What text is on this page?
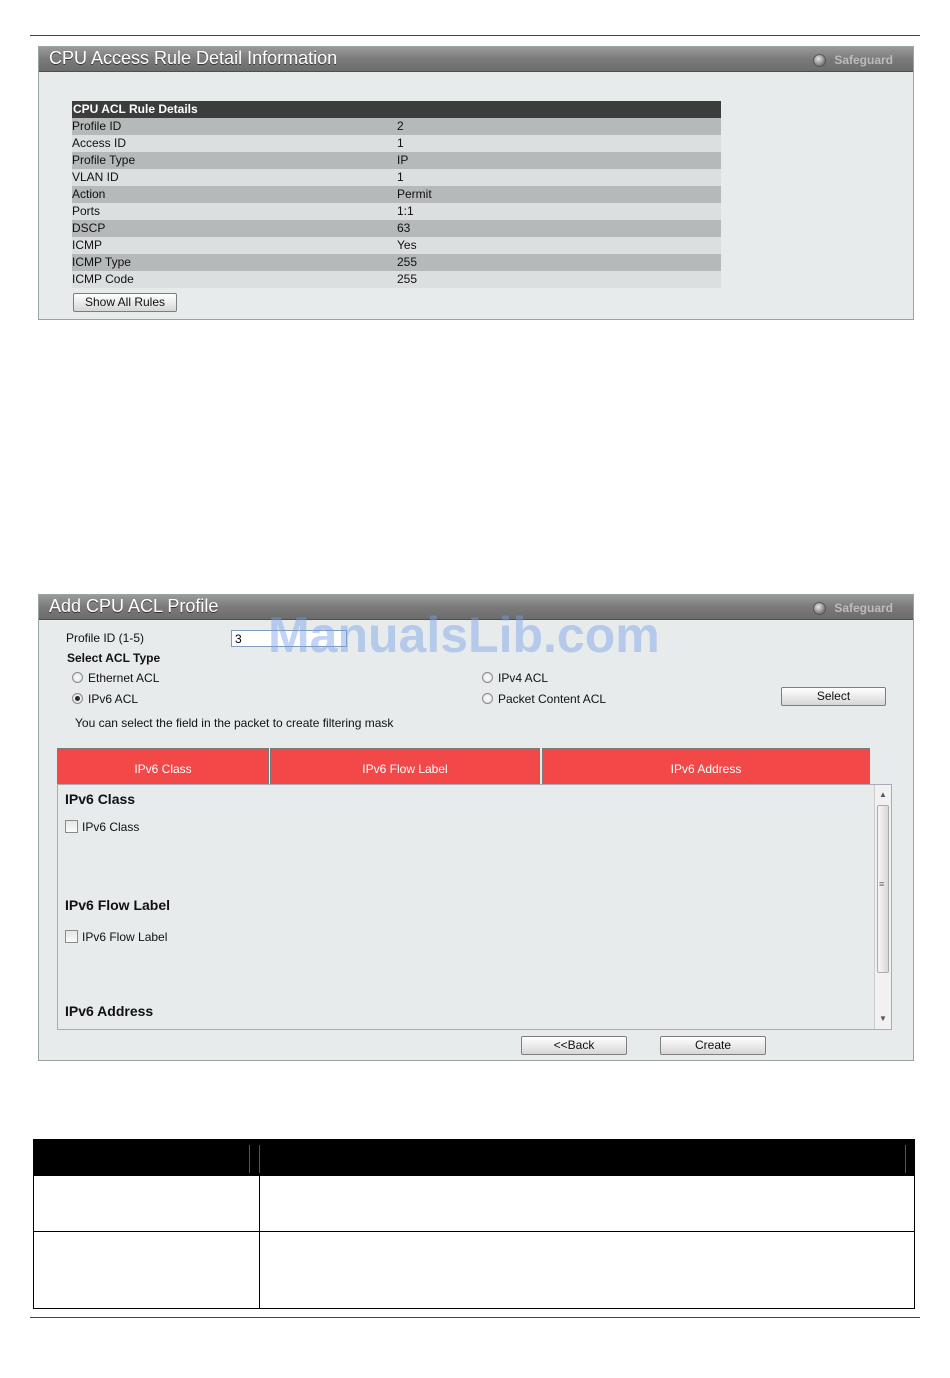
CPU Access Rule Detail Information	Safeguard
CPU ACL Rule Details
Profile ID	2
Access ID	1
Profile Type	IP
VLAN ID	1
Action	Permit
Ports	1:1
DSCP	63
ICMP	Yes
ICMP Type	255
ICMP Code	255
Show All Rules
Add CPU ACL Profile	Safeguard
Profile ID (1-5)
3
Select ACL Type
Ethernet ACL
IPv6 ACL
IPv4 ACL
Packet Content ACL	Select
You can select the field in the packet to create filtering mask
IPv6 Class	IPv6 Flow Label	IPv6 Address
IPv6 Class
IPv6 Class
IPv6 Flow Label
IPv6 Flow Label
IPv6 Address
▲
≡
▼
<<Back	Create
ManualsLib.com
